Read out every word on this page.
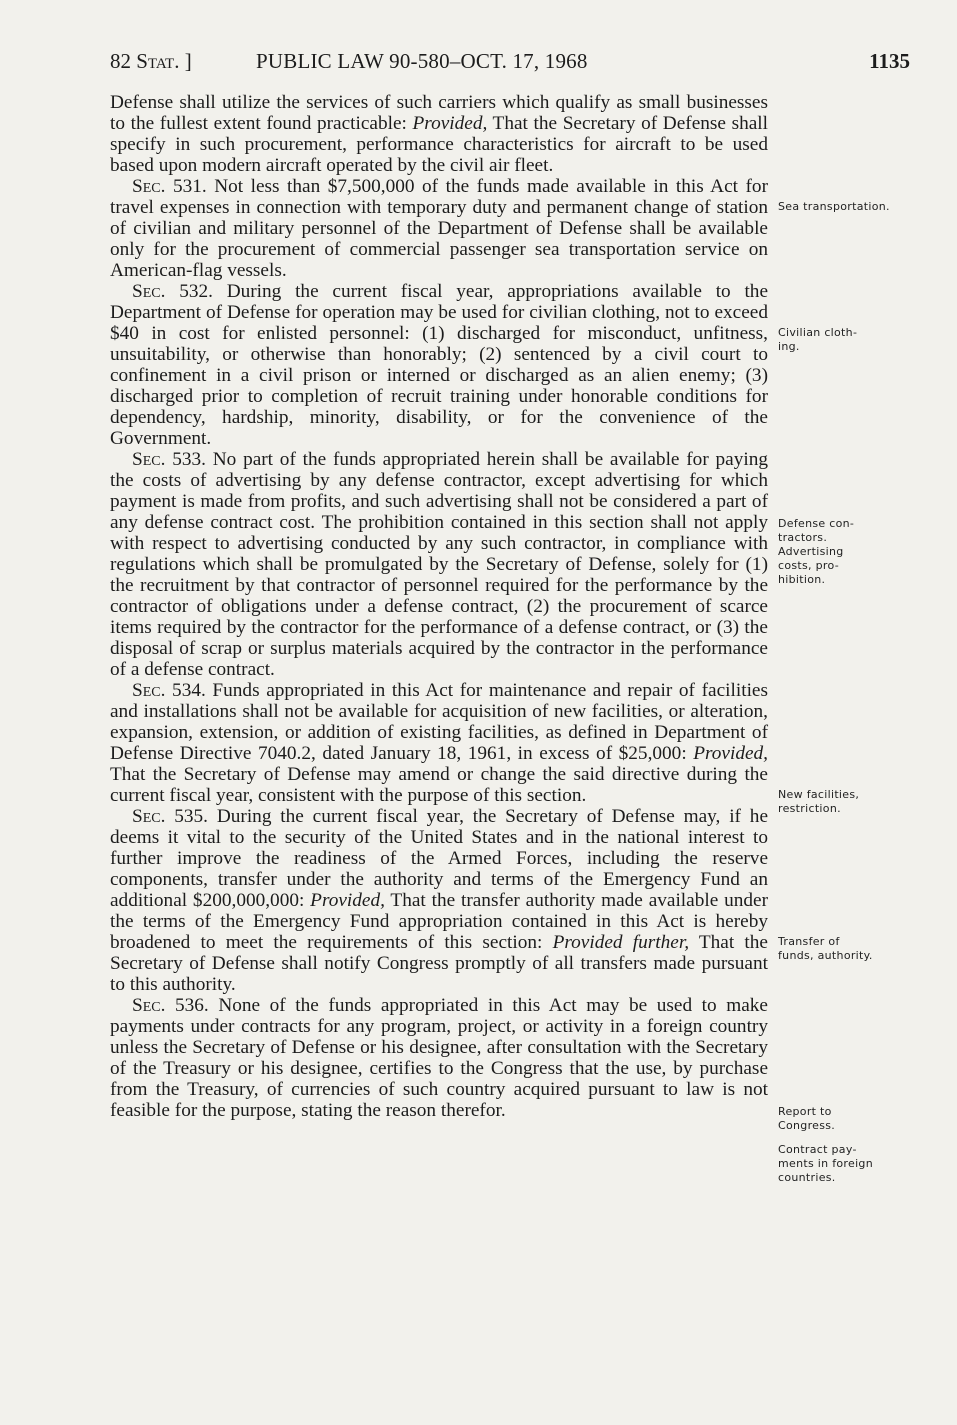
82 Stat. ]	PUBLIC LAW 90-580–OCT. 17, 1968	1135

Defense shall utilize the services of such carriers which qualify as small businesses to the fullest extent found practicable: Provided, That the Secretary of Defense shall specify in such procurement, performance characteristics for aircraft to be used based upon modern aircraft operated by the civil air fleet.

Sec. 531. Not less than $7,500,000 of the funds made available in this Act for travel expenses in connection with temporary duty and permanent change of station of civilian and military personnel of the Department of Defense shall be available only for the procurement of commercial passenger sea transportation service on American-flag vessels.

Sec. 532. During the current fiscal year, appropriations available to the Department of Defense for operation may be used for civilian clothing, not to exceed $40 in cost for enlisted personnel: (1) discharged for misconduct, unfitness, unsuitability, or otherwise than honorably; (2) sentenced by a civil court to confinement in a civil prison or interned or discharged as an alien enemy; (3) discharged prior to completion of recruit training under honorable conditions for dependency, hardship, minority, disability, or for the convenience of the Government.

Sec. 533. No part of the funds appropriated herein shall be available for paying the costs of advertising by any defense contractor, except advertising for which payment is made from profits, and such advertising shall not be considered a part of any defense contract cost. The prohibition contained in this section shall not apply with respect to advertising conducted by any such contractor, in compliance with regulations which shall be promulgated by the Secretary of Defense, solely for (1) the recruitment by that contractor of personnel required for the performance by the contractor of obligations under a defense contract, (2) the procurement of scarce items required by the contractor for the performance of a defense contract, or (3) the disposal of scrap or surplus materials acquired by the contractor in the performance of a defense contract.

Sec. 534. Funds appropriated in this Act for maintenance and repair of facilities and installations shall not be available for acquisition of new facilities, or alteration, expansion, extension, or addition of existing facilities, as defined in Department of Defense Directive 7040.2, dated January 18, 1961, in excess of $25,000: Provided, That the Secretary of Defense may amend or change the said directive during the current fiscal year, consistent with the purpose of this section.

Sec. 535. During the current fiscal year, the Secretary of Defense may, if he deems it vital to the security of the United States and in the national interest to further improve the readiness of the Armed Forces, including the reserve components, transfer under the authority and terms of the Emergency Fund an additional $200,000,000: Provided, That the transfer authority made available under the terms of the Emergency Fund appropriation contained in this Act is hereby broadened to meet the requirements of this section: Provided further, That the Secretary of Defense shall notify Congress promptly of all transfers made pursuant to this authority.

Sec. 536. None of the funds appropriated in this Act may be used to make payments under contracts for any program, project, or activity in a foreign country unless the Secretary of Defense or his designee, after consultation with the Secretary of the Treasury or his designee, certifies to the Congress that the use, by purchase from the Treasury, of currencies of such country acquired pursuant to law is not feasible for the purpose, stating the reason therefor.

Sea transportation.
Civilian cloth-
ing.
Defense con-
tractors.
Advertising
costs, pro-
hibition.
New facilities,
restriction.
Transfer of
funds, authority.
Report to
Congress.
Contract pay-
ments in foreign
countries.
